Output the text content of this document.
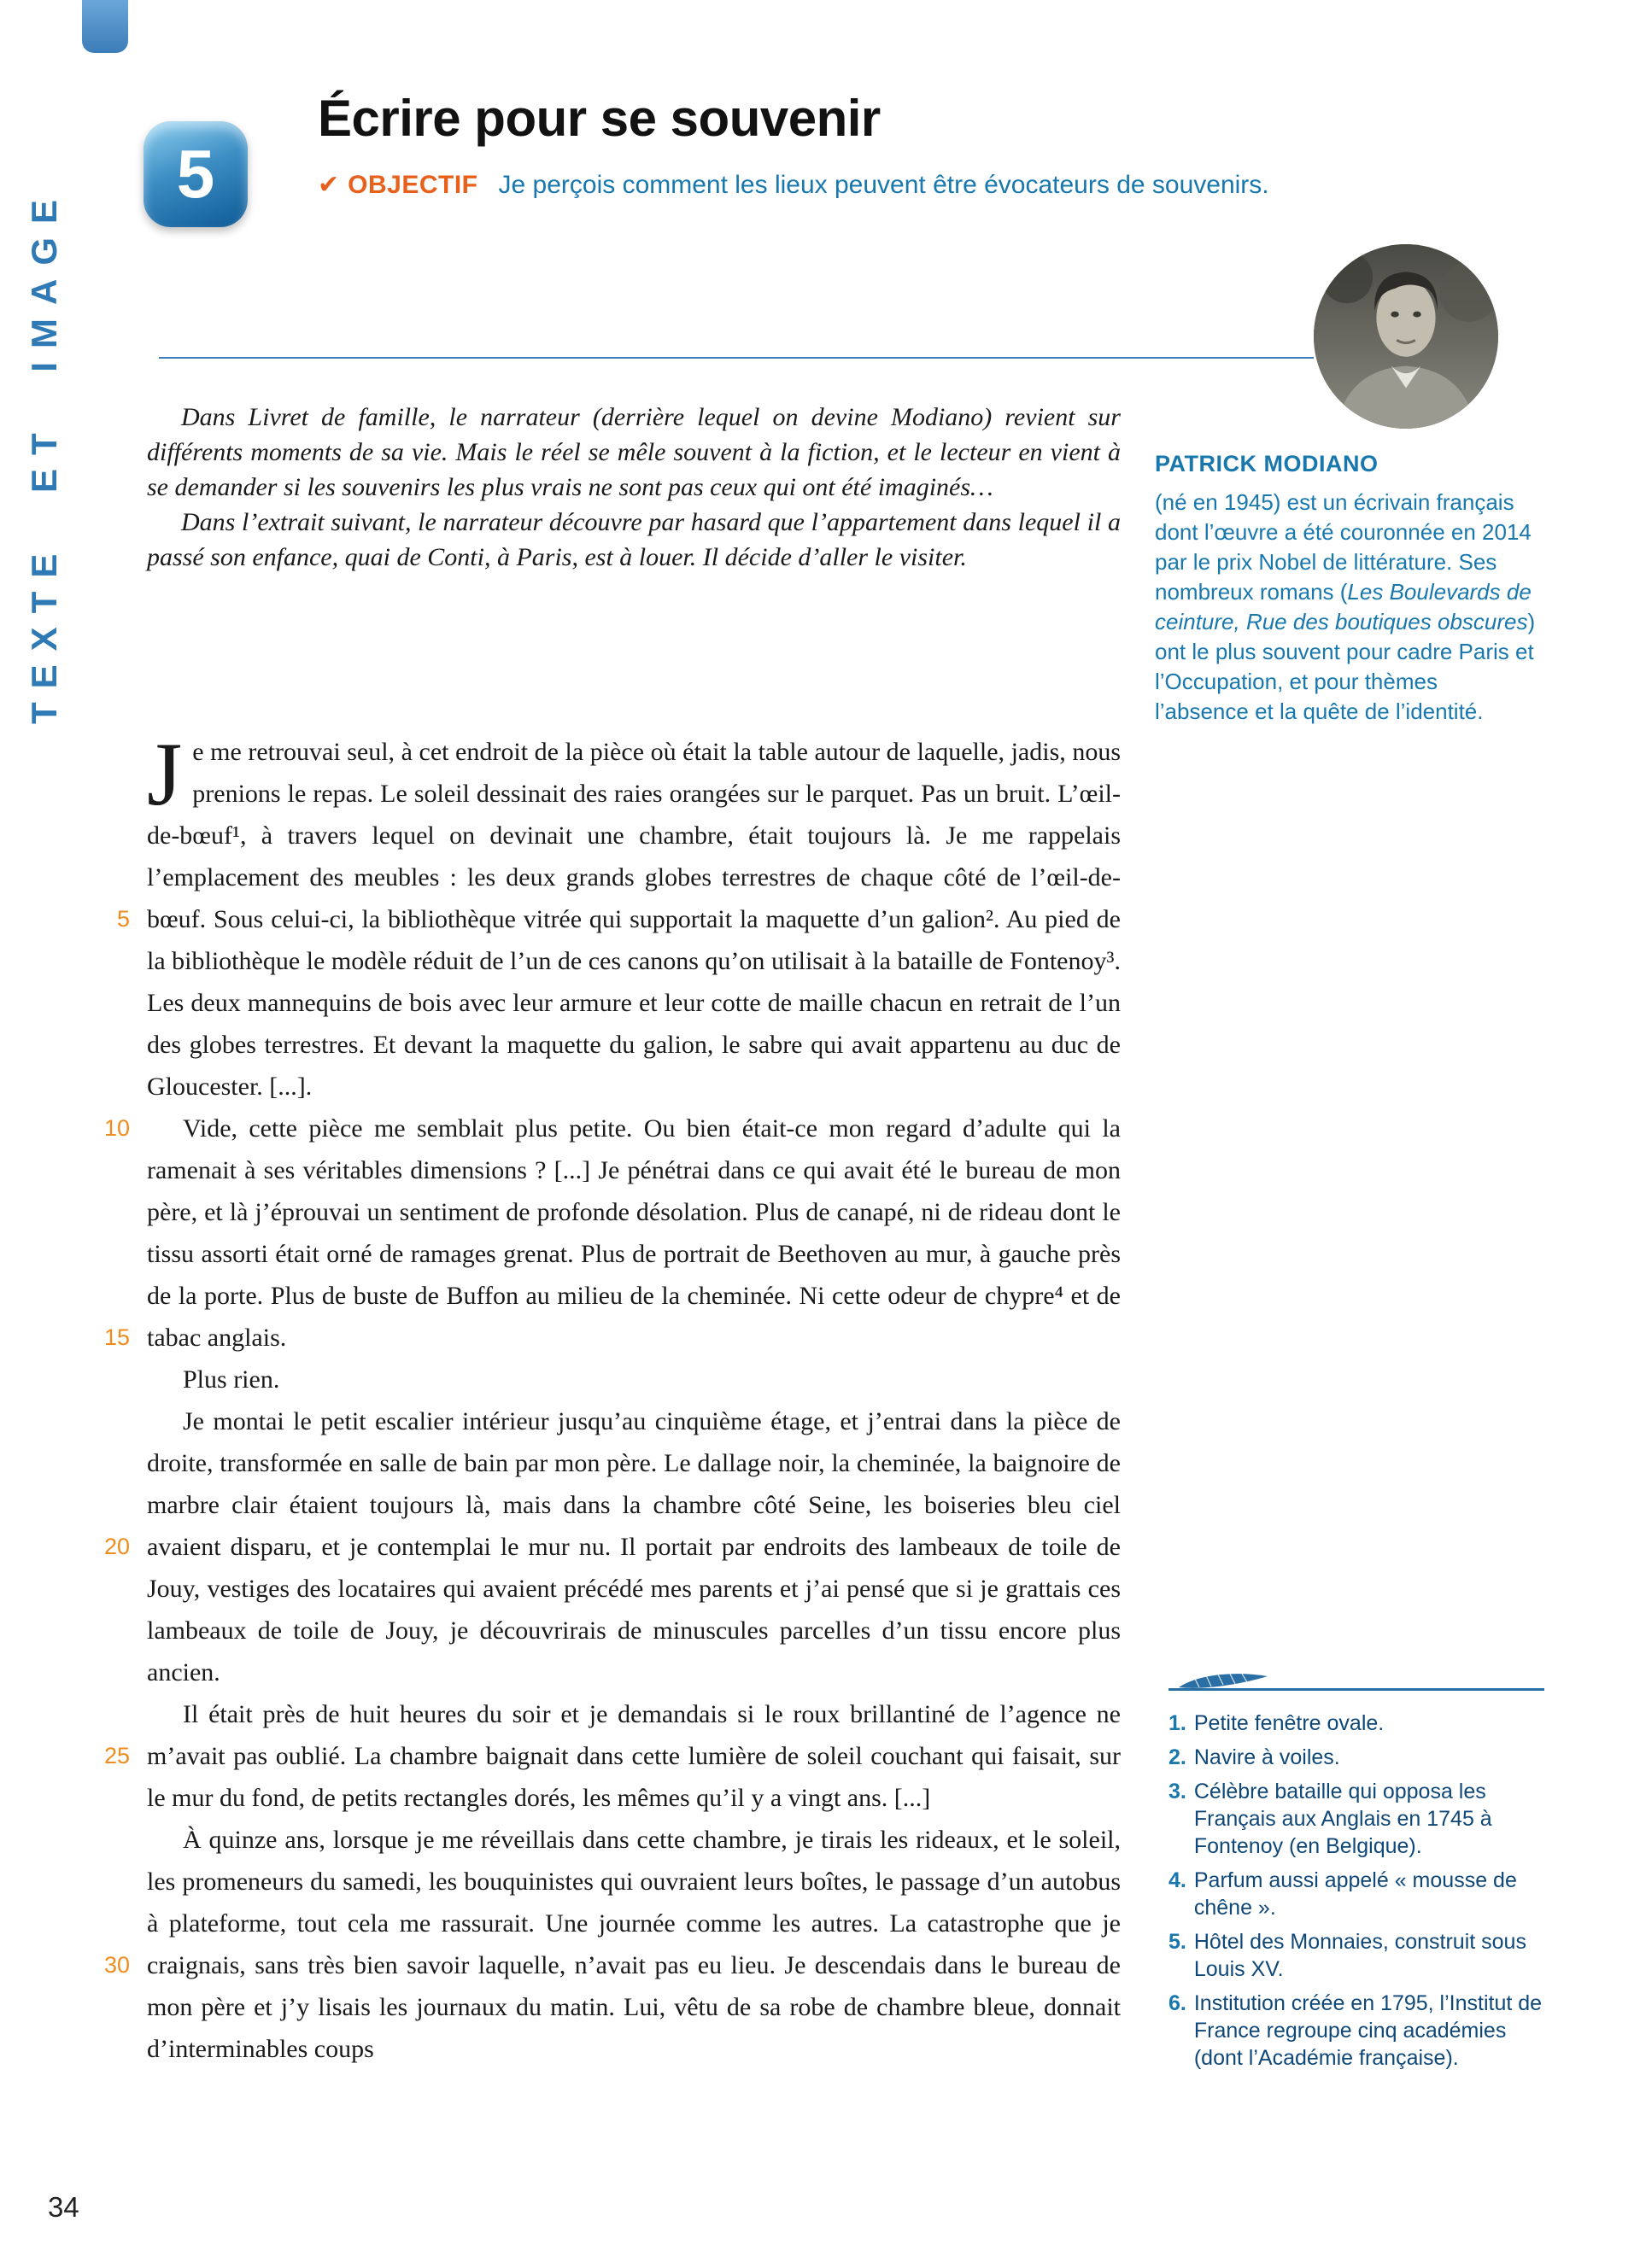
TEXTE ET IMAGE
5
Écrire pour se souvenir
✔ OBJECTIF Je perçois comment les lieux peuvent être évocateurs de souvenirs.
PATRICK MODIANO

(né en 1945) est un écrivain français dont l’œuvre a été couronnée en 2014 par le prix Nobel de littérature. Ses nombreux romans (Les Boulevards de ceinture, Rue des boutiques obscures) ont le plus souvent pour cadre Paris et l’Occupation, et pour thèmes l’absence et la quête de l’identité.

Dans Livret de famille, le narrateur (derrière lequel on devine Modiano) revient sur différents moments de sa vie. Mais le réel se mêle souvent à la fiction, et le lecteur en vient à se demander si les souvenirs les plus vrais ne sont pas ceux qui ont été imaginés…

Dans l’extrait suivant, le narrateur découvre par hasard que l’appartement dans lequel il a passé son enfance, quai de Conti, à Paris, est à louer. Il décide d’aller le visiter.

5
10
15
20
25
30

Je me retrouvai seul, à cet endroit de la pièce où était la table autour de laquelle, jadis, nous prenions le repas. Le soleil dessinait des raies orangées sur le parquet. Pas un bruit. L’œil-de-bœuf¹, à travers lequel on devinait une chambre, était toujours là. Je me rappelais l’emplacement des meubles : les deux grands globes terrestres de chaque côté de l’œil-de-bœuf. Sous celui-ci, la bibliothèque vitrée qui supportait la maquette d’un galion². Au pied de la bibliothèque le modèle réduit de l’un de ces canons qu’on utilisait à la bataille de Fontenoy³. Les deux mannequins de bois avec leur armure et leur cotte de maille chacun en retrait de l’un des globes terrestres. Et devant la maquette du galion, le sabre qui avait appartenu au duc de Gloucester. [...].

Vide, cette pièce me semblait plus petite. Ou bien était-ce mon regard d’adulte qui la ramenait à ses véritables dimensions ? [...] Je pénétrai dans ce qui avait été le bureau de mon père, et là j’éprouvai un sentiment de profonde désolation. Plus de canapé, ni de rideau dont le tissu assorti était orné de ramages grenat. Plus de portrait de Beethoven au mur, à gauche près de la porte. Plus de buste de Buffon au milieu de la cheminée. Ni cette odeur de chypre⁴ et de tabac anglais.

Plus rien.

Je montai le petit escalier intérieur jusqu’au cinquième étage, et j’entrai dans la pièce de droite, transformée en salle de bain par mon père. Le dallage noir, la cheminée, la baignoire de marbre clair étaient toujours là, mais dans la chambre côté Seine, les boiseries bleu ciel avaient disparu, et je contemplai le mur nu. Il portait par endroits des lambeaux de toile de Jouy, vestiges des locataires qui avaient précédé mes parents et j’ai pensé que si je grattais ces lambeaux de toile de Jouy, je découvrirais de minuscules parcelles d’un tissu encore plus ancien.

Il était près de huit heures du soir et je demandais si le roux brillantiné de l’agence ne m’avait pas oublié. La chambre baignait dans cette lumière de soleil couchant qui faisait, sur le mur du fond, de petits rectangles dorés, les mêmes qu’il y a vingt ans. [...]

À quinze ans, lorsque je me réveillais dans cette chambre, je tirais les rideaux, et le soleil, les promeneurs du samedi, les bouquinistes qui ouvraient leurs boîtes, le passage d’un autobus à plateforme, tout cela me rassurait. Une journée comme les autres. La catastrophe que je craignais, sans très bien savoir laquelle, n’avait pas eu lieu. Je descendais dans le bureau de mon père et j’y lisais les journaux du matin. Lui, vêtu de sa robe de chambre bleue, donnait d’interminables coups

1. Petite fenêtre ovale.
2. Navire à voiles.
3. Célèbre bataille qui opposa les Français aux Anglais en 1745 à Fontenoy (en Belgique).
4. Parfum aussi appelé « mousse de chêne ».
5. Hôtel des Monnaies, construit sous Louis XV.
6. Institution créée en 1795, l’Institut de France regroupe cinq académies (dont l’Académie française).
34
